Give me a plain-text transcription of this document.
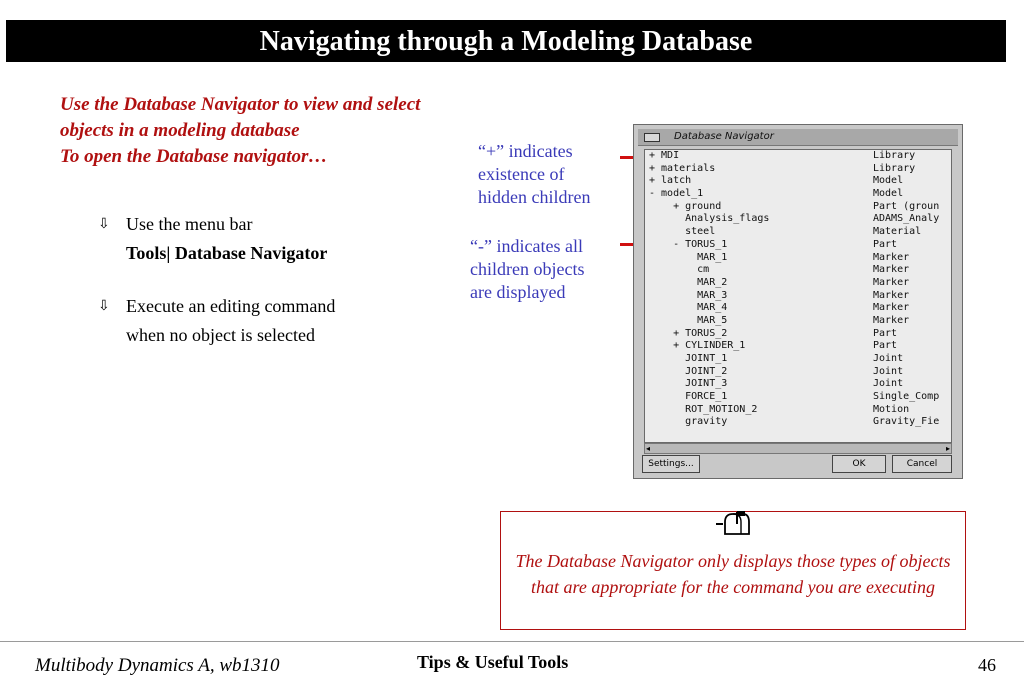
Navigating through a Modeling Database
Use the Database Navigator to view and select
objects in a modeling database
To open the Database navigator…
⇩ Use the menu bar
Tools| Database Navigator
⇩ Execute an editing command
when no object is selected
“+” indicates
existence of
hidden children
“-” indicates all
children objects
are displayed
Database Navigator
+ MDI	Library
+ materials	Library
+ latch	Model
- model_1	Model
+ ground	Part (groun
Analysis_flags	ADAMS_Analy
steel	Material
- TORUS_1	Part
MAR_1	Marker
cm	Marker
MAR_2	Marker
MAR_3	Marker
MAR_4	Marker
MAR_5	Marker
+ TORUS_2	Part
+ CYLINDER_1	Part
JOINT_1	Joint
JOINT_2	Joint
JOINT_3	Joint
FORCE_1	Single_Comp
ROT_MOTION_2	Motion
gravity	Gravity_Fie
◂	▸
Settings...	OK	Cancel
The Database Navigator only displays those types of objects that are appropriate for the command you are executing
Multibody Dynamics A, wb1310	Tips & Useful Tools	46
